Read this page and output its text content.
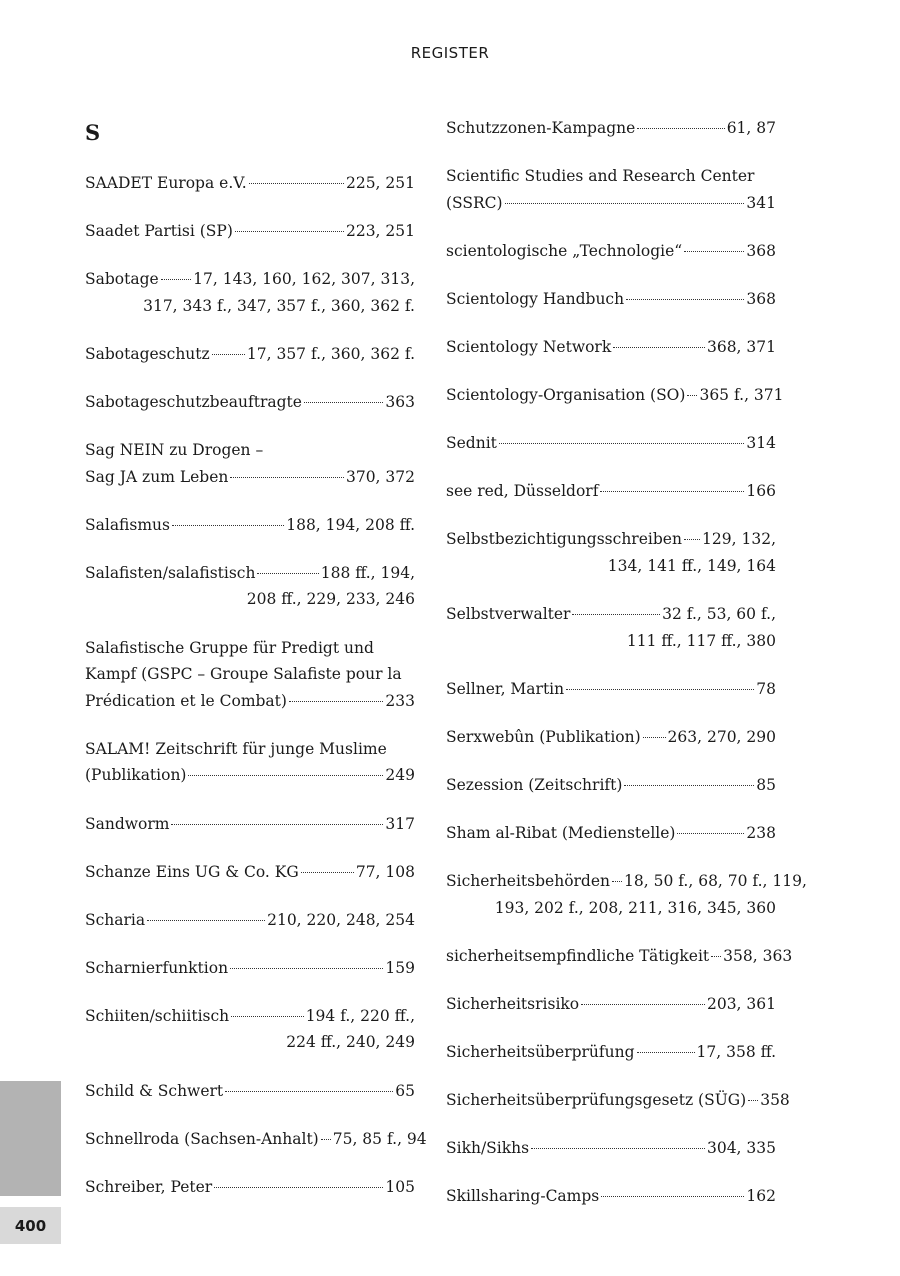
REGISTER
S
SAADET Europa e.V.	225, 251
Saadet Partisi (SP)	223, 251
Sabotage 17, 143, 160, 162, 307, 313,
317, 343 f., 347, 357 f., 360, 362 f.
Sabotageschutz 17, 357 f., 360, 362 f.
Sabotageschutzbeauftragte	363
Sag NEIN zu Drogen –
Sag JA zum Leben	370, 372
Salafismus	188, 194, 208 ff.
Salafisten/salafistisch	188 ff., 194,
208 ff., 229, 233, 246
Salafistische Gruppe für Predigt und
Kampf (GSPC – Groupe Salafiste pour la
Prédication et le Combat)	233
SALAM! Zeitschrift für junge Muslime
(Publikation)	249
Sandworm	317
Schanze Eins UG & Co. KG	77, 108
Scharia	210, 220, 248, 254
Scharnierfunktion	159
Schiiten/schiitisch	194 f., 220 ff.,
224 ff., 240, 249
Schild & Schwert	65
Schnellroda (Sachsen-Anhalt) 75, 85 f., 94
Schreiber, Peter	105
Schutzzonen-Kampagne	61, 87
Scientific Studies and Research Center
(SSRC)	341
scientologische „Technologie“	368
Scientology Handbuch	368
Scientology Network	368, 371
Scientology-Organisation (SO) 365 f., 371
Sednit	314
see red, Düsseldorf	166
Selbstbezichtigungsschreiben 129, 132,
134, 141 ff., 149, 164
Selbstverwalter	32 f., 53, 60 f.,
111 ff., 117 ff., 380
Sellner, Martin	78
Serxwebûn (Publikation) 263, 270, 290
Sezession (Zeitschrift)	85
Sham al-Ribat (Medienstelle)	238
Sicherheitsbehörden 18, 50 f., 68, 70 f., 119,
193, 202 f., 208, 211, 316, 345, 360
sicherheitsempfindliche Tätigkeit 358, 363
Sicherheitsrisiko	203, 361
Sicherheitsüberprüfung	17, 358 ff.
Sicherheitsüberprüfungsgesetz (SÜG) 358
Sikh/Sikhs	304, 335
Skillsharing-Camps	162
400
